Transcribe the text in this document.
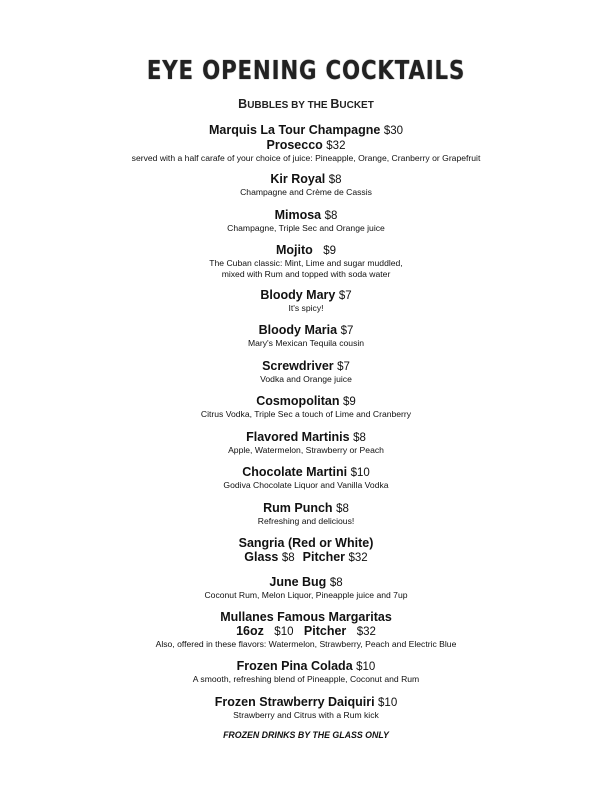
EYE OPENING COCKTAILS
BUBBLES BY THE BUCKET
Marquis La Tour Champagne $30
Prosecco $32
served with a half carafe of your choice of juice: Pineapple, Orange, Cranberry or Grapefruit
Kir Royal $8
Champagne and Crème de Cassis
Mimosa $8
Champagne, Triple Sec and Orange juice
Mojito $9
The Cuban classic: Mint, Lime and sugar muddled,
mixed with Rum and topped with soda water
Bloody Mary $7
It's spicy!
Bloody Maria $7
Mary's Mexican Tequila cousin
Screwdriver $7
Vodka and Orange juice
Cosmopolitan $9
Citrus Vodka, Triple Sec a touch of Lime and Cranberry
Flavored Martinis $8
Apple, Watermelon, Strawberry or Peach
Chocolate Martini $10
Godiva Chocolate Liquor and Vanilla Vodka
Rum Punch $8
Refreshing and delicious!
Sangria (Red or White)
Glass $8 Pitcher $32
June Bug $8
Coconut Rum, Melon Liquor, Pineapple juice and 7up
Mullanes Famous Margaritas
16oz $10 Pitcher $32
Also, offered in these flavors: Watermelon, Strawberry, Peach and Electric Blue
Frozen Pina Colada $10
A smooth, refreshing blend of Pineapple, Coconut and Rum
Frozen Strawberry Daiquiri $10
Strawberry and Citrus with a Rum kick
FROZEN DRINKS BY THE GLASS ONLY
